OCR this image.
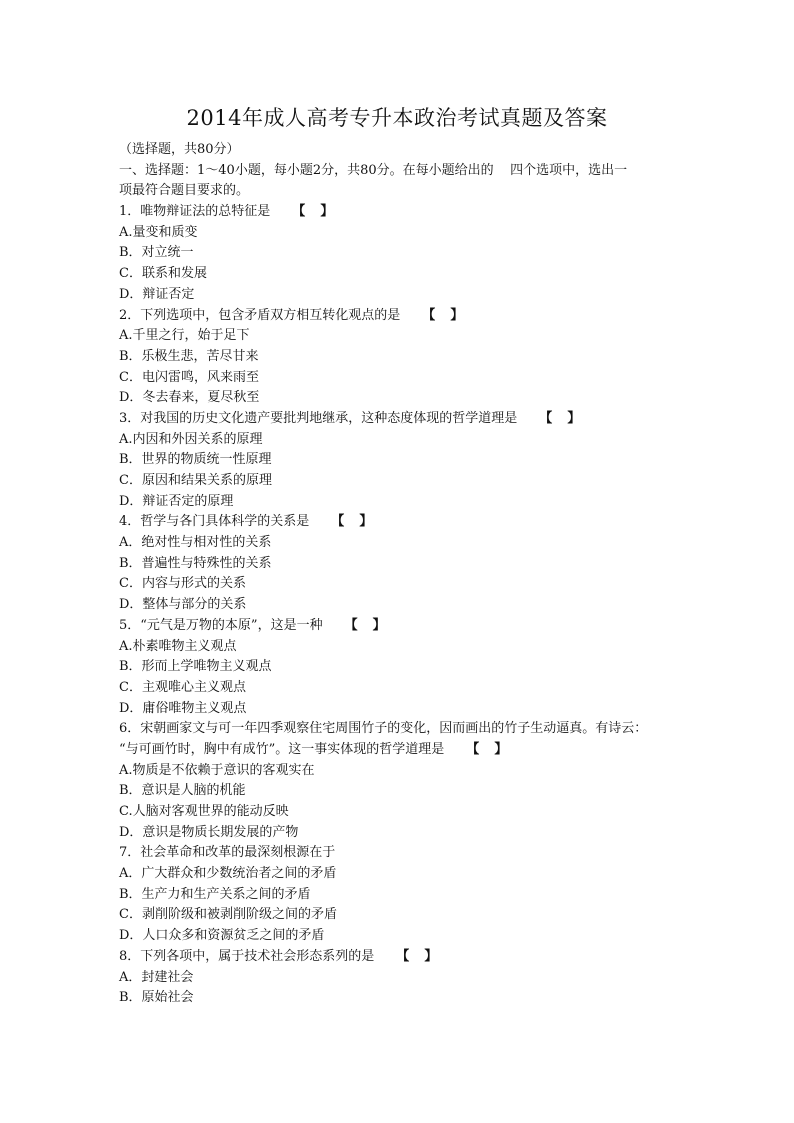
2014年成人高考专升本政治考试真题及答案
（选择题，共80分）
一、选择题：1～40小题，每小题2分，共80分。在每小题给出的    四个选项中，选出一
项最符合题目要求的。
1．唯物辩证法的总特征是 【  】
A.量变和质变
B．对立统一
C．联系和发展
D．辩证否定
2．下列选项中，包含矛盾双方相互转化观点的是 【  】
A.千里之行，始于足下
B．乐极生悲，苦尽甘来
C．电闪雷鸣，风来雨至
D．冬去春来，夏尽秋至
3．对我国的历史文化遗产要批判地继承，这种态度体现的哲学道理是 【  】
A.内因和外因关系的原理
B．世界的物质统一性原理
C．原因和结果关系的原理
D．辩证否定的原理
4．哲学与各门具体科学的关系是 【  】
A．绝对性与相对性的关系
B．普遍性与特殊性的关系
C．内容与形式的关系
D．整体与部分的关系
5．“元气是万物的本原”，这是一种 【  】
A.朴素唯物主义观点
B．形而上学唯物主义观点
C．主观唯心主义观点
D．庸俗唯物主义观点
6．宋朝画家文与可一年四季观察住宅周围竹子的变化，因而画出的竹子生动逼真。有诗云：
“与可画竹时，胸中有成竹”。这一事实体现的哲学道理是 【  】
A.物质是不依赖于意识的客观实在
B．意识是人脑的机能
C.人脑对客观世界的能动反映
D．意识是物质长期发展的产物
7．社会革命和改革的最深刻根源在于
A．广大群众和少数统治者之间的矛盾
B．生产力和生产关系之间的矛盾
C．剥削阶级和被剥削阶级之间的矛盾
D．人口众多和资源贫乏之间的矛盾
8．下列各项中，属于技术社会形态系列的是 【  】
A．封建社会
B．原始社会
